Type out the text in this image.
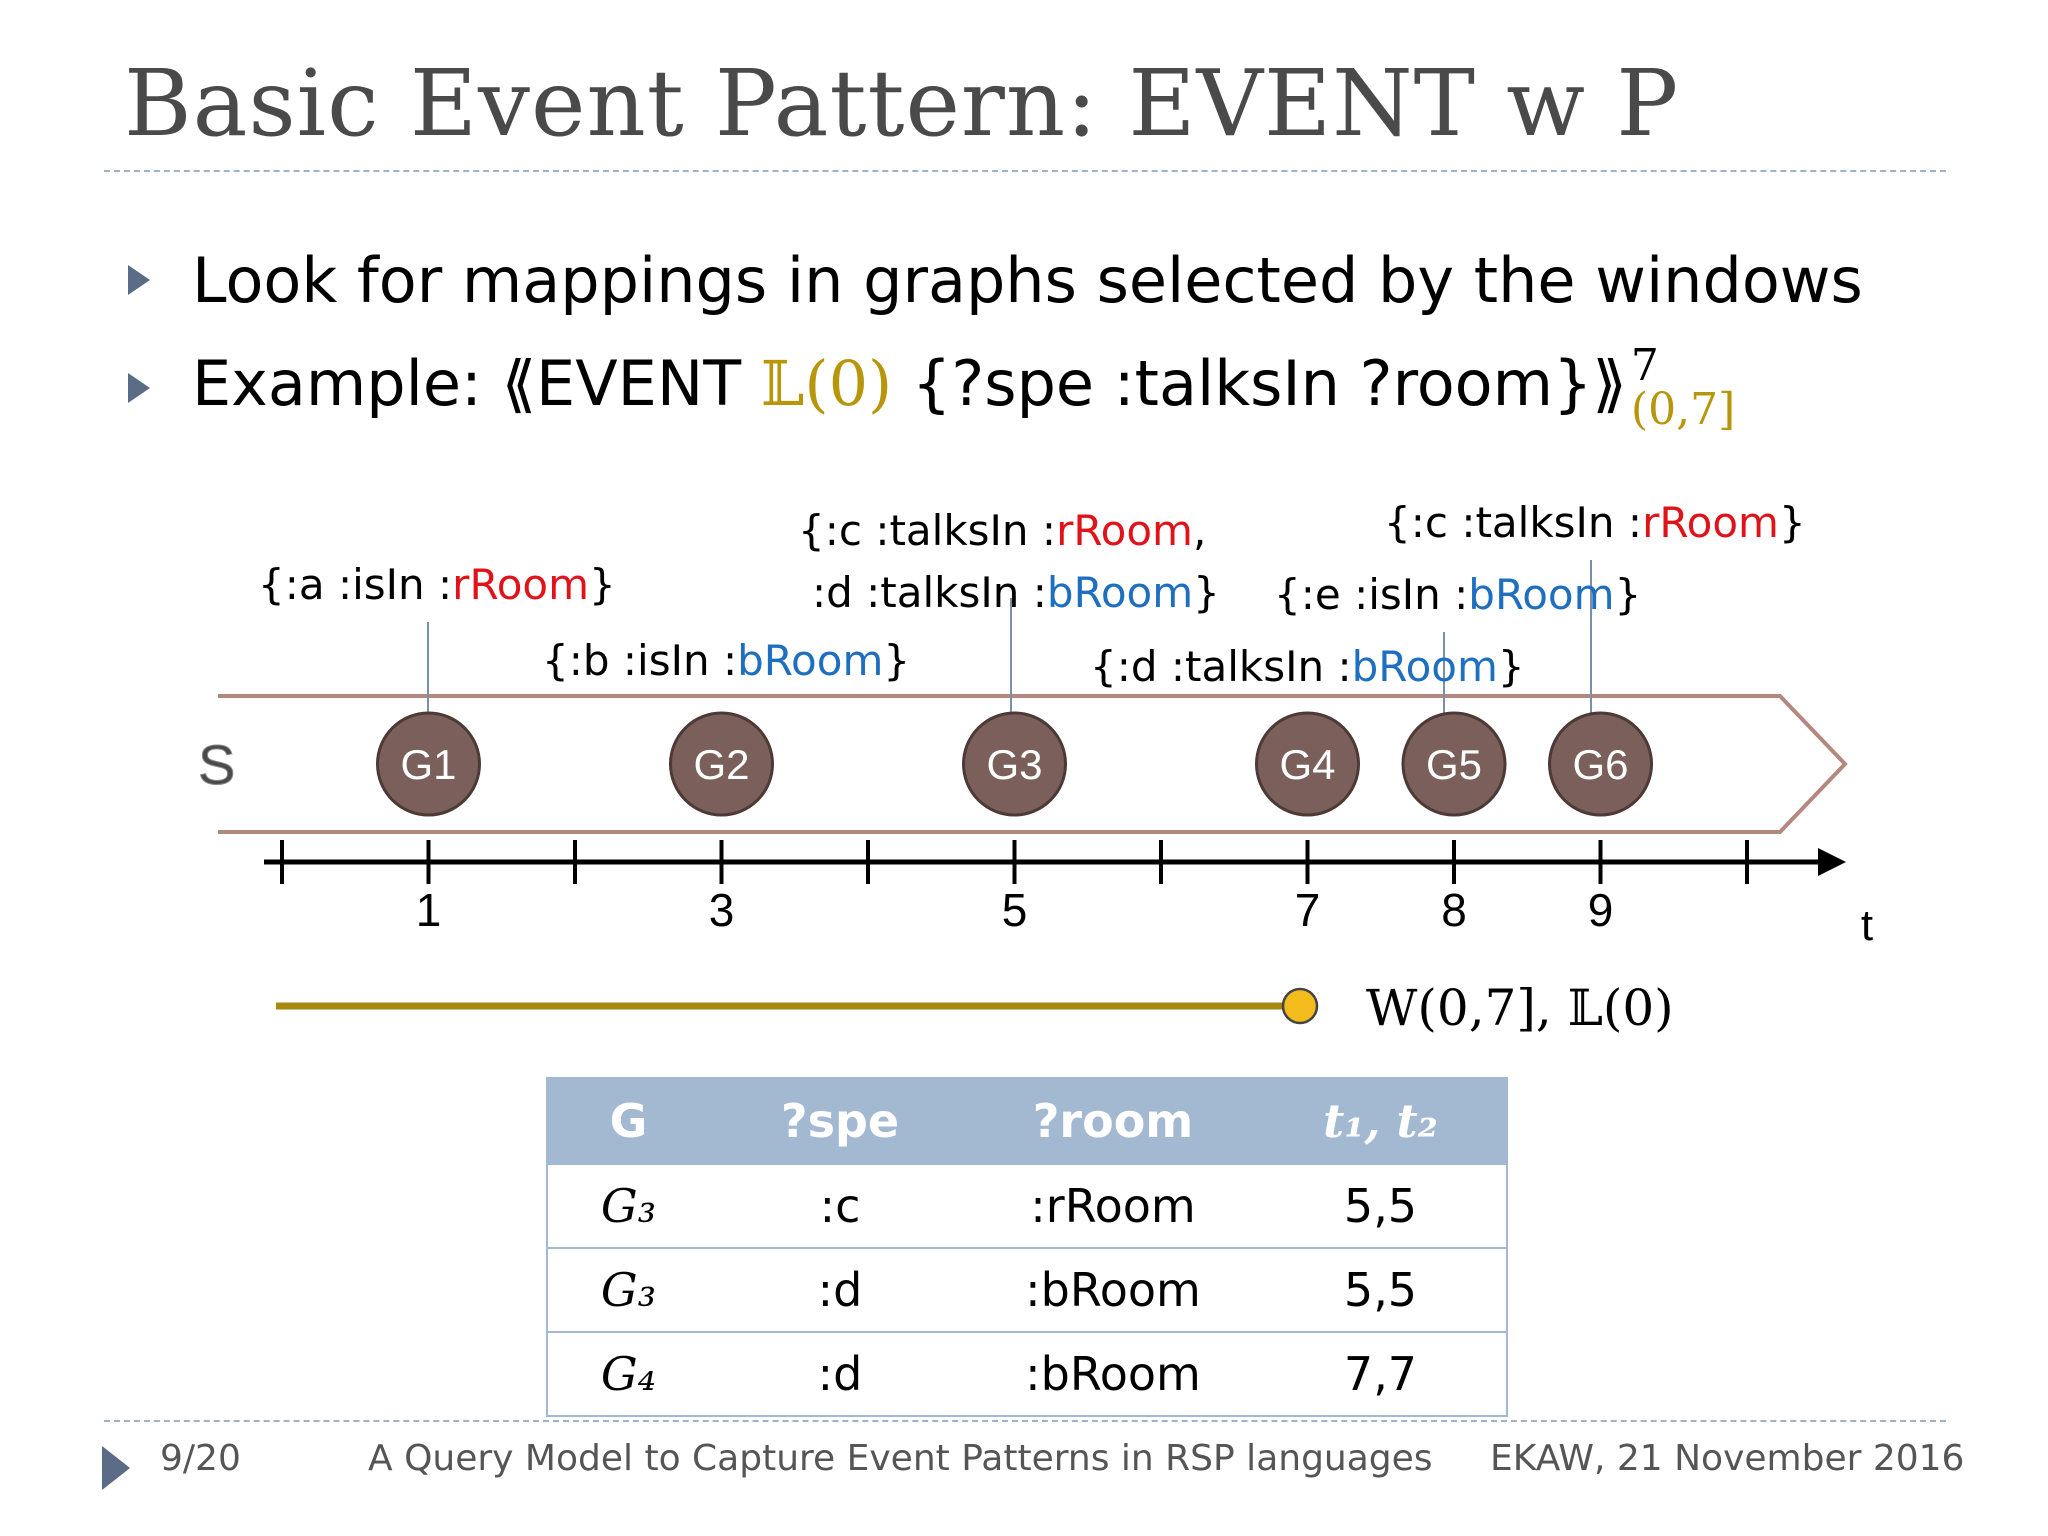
Basic Event Pattern: EVENT w P
Look for mappings in graphs selected by the windows
Example: ⟪EVENT 𝕃(0) {?spe :talksIn ?room}⟫ 7
(0,7]
S	G1	G2	G3	G4 G5 G6
1	3	5	7	8	9	t
W(0,7], 𝕃(0)
{:a :isIn :rRoom}
{:b :isIn :bRoom}
{:c :talksIn :rRoom,
:d :talksIn :bRoom}
{:d :talksIn :bRoom}
{:e :isIn :bRoom}
{:c :talksIn :rRoom}
G	?spe	?room	t₁, t₂
G₃	:c	:rRoom	5,5
G₃	:d	:bRoom	5,5
G₄	:d	:bRoom	7,7
9/20	A Query Model to Capture Event Patterns in RSP languages EKAW, 21 November 2016
